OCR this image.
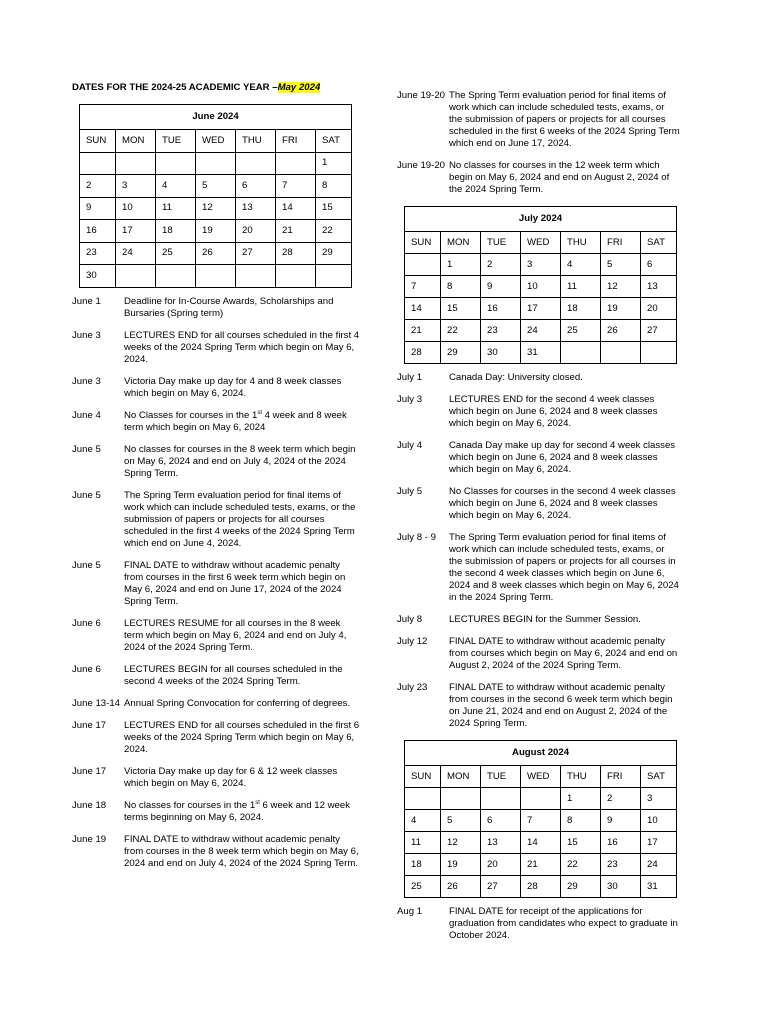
DATES FOR THE 2024-25 ACADEMIC YEAR –May 2024
June 2024						
SUN	MON	TUE	WED	THU	FRI	SAT
						1
2	3	4	5	6	7	8
9	10	11	12	13	14	15
16	17	18	19	20	21	22
23	24	25	26	27	28	29
30						
June 1	Deadline for In-Course Awards, Scholarships and Bursaries (Spring term)
June 3	LECTURES END for all courses scheduled in the first 4 weeks of the 2024 Spring Term which begin on May 6, 2024.
June 3	Victoria Day make up day for 4 and 8 week classes which begin on May 6, 2024.
June 4	No Classes for courses in the 1st 4 week and 8 week term which begin on May 6, 2024
June 5	No classes for courses in the 8 week term which begin on May 6, 2024 and end on July 4, 2024 of the 2024 Spring Term.
June 5	The Spring Term evaluation period for final items of work which can include scheduled tests, exams, or the submission of papers or projects for all courses scheduled in the first 4 weeks of the 2024 Spring Term which end on June 4, 2024.
June 5	FINAL DATE to withdraw without academic penalty from courses in the first 6 week term which begin on May 6, 2024 and end on June 17, 2024 of the 2024 Spring Term.
June 6	LECTURES RESUME for all courses in the 8 week term which begin on May 6, 2024 and end on July 4, 2024 of the 2024 Spring Term.
June 6	LECTURES BEGIN for all courses scheduled in the second 4 weeks of the 2024 Spring Term.
June 13-14 Annual Spring Convocation for conferring of degrees.
June 17	LECTURES END for all courses scheduled in the first 6 weeks of the 2024 Spring Term which begin on May 6, 2024.
June 17	Victoria Day make up day for 6 & 12 week classes which begin on May 6, 2024.
June 18	No classes for courses in the 1st 6 week and 12 week terms beginning on May 6, 2024.
June 19	FINAL DATE to withdraw without academic penalty from courses in the 8 week term which begin on May 6, 2024 and end on July 4, 2024 of the 2024 Spring Term.
June 19-20 The Spring Term evaluation period for final items of work which can include scheduled tests, exams, or the submission of papers or projects for all courses scheduled in the first 6 weeks of the 2024 Spring Term which end on June 17, 2024.
June 19-20 No classes for courses in the 12 week term which begin on May 6, 2024 and end on August 2, 2024 of the 2024 Spring Term.
July 2024						
SUN	MON	TUE	WED	THU	FRI	SAT
	1	2	3	4	5	6
7	8	9	10	11	12	13
14	15	16	17	18	19	20
21	22	23	24	25	26	27
28	29	30	31			
July 1	Canada Day: University closed.
July 3	LECTURES END for the second 4 week classes which begin on June 6, 2024 and 8 week classes which begin on May 6, 2024.
July 4	Canada Day make up day for second 4 week classes which begin on June 6, 2024 and 8 week classes which begin on May 6, 2024.
July 5	No Classes for courses in the second 4 week classes which begin on June 6, 2024 and 8 week classes which begin on May 6, 2024.
July 8 - 9	The Spring Term evaluation period for final items of work which can include scheduled tests, exams, or the submission of papers or projects for all courses in the second 4 week classes which begin on June 6, 2024 and 8 week classes which begin on May 6, 2024 in the 2024 Spring Term.
July 8	LECTURES BEGIN for the Summer Session.
July 12	FINAL DATE to withdraw without academic penalty from courses which begin on May 6, 2024 and end on August 2, 2024 of the 2024 Spring Term.
July 23	FINAL DATE to withdraw without academic penalty from courses in the second 6 week term which begin on June 21, 2024 and end on August 2, 2024 of the 2024 Spring Term.
August 2024						
SUN	MON	TUE	WED	THU	FRI	SAT
				1	2	3
4	5	6	7	8	9	10
11	12	13	14	15	16	17
18	19	20	21	22	23	24
25	26	27	28	29	30	31
Aug 1	FINAL DATE for receipt of the applications for graduation from candidates who expect to graduate in October 2024.
